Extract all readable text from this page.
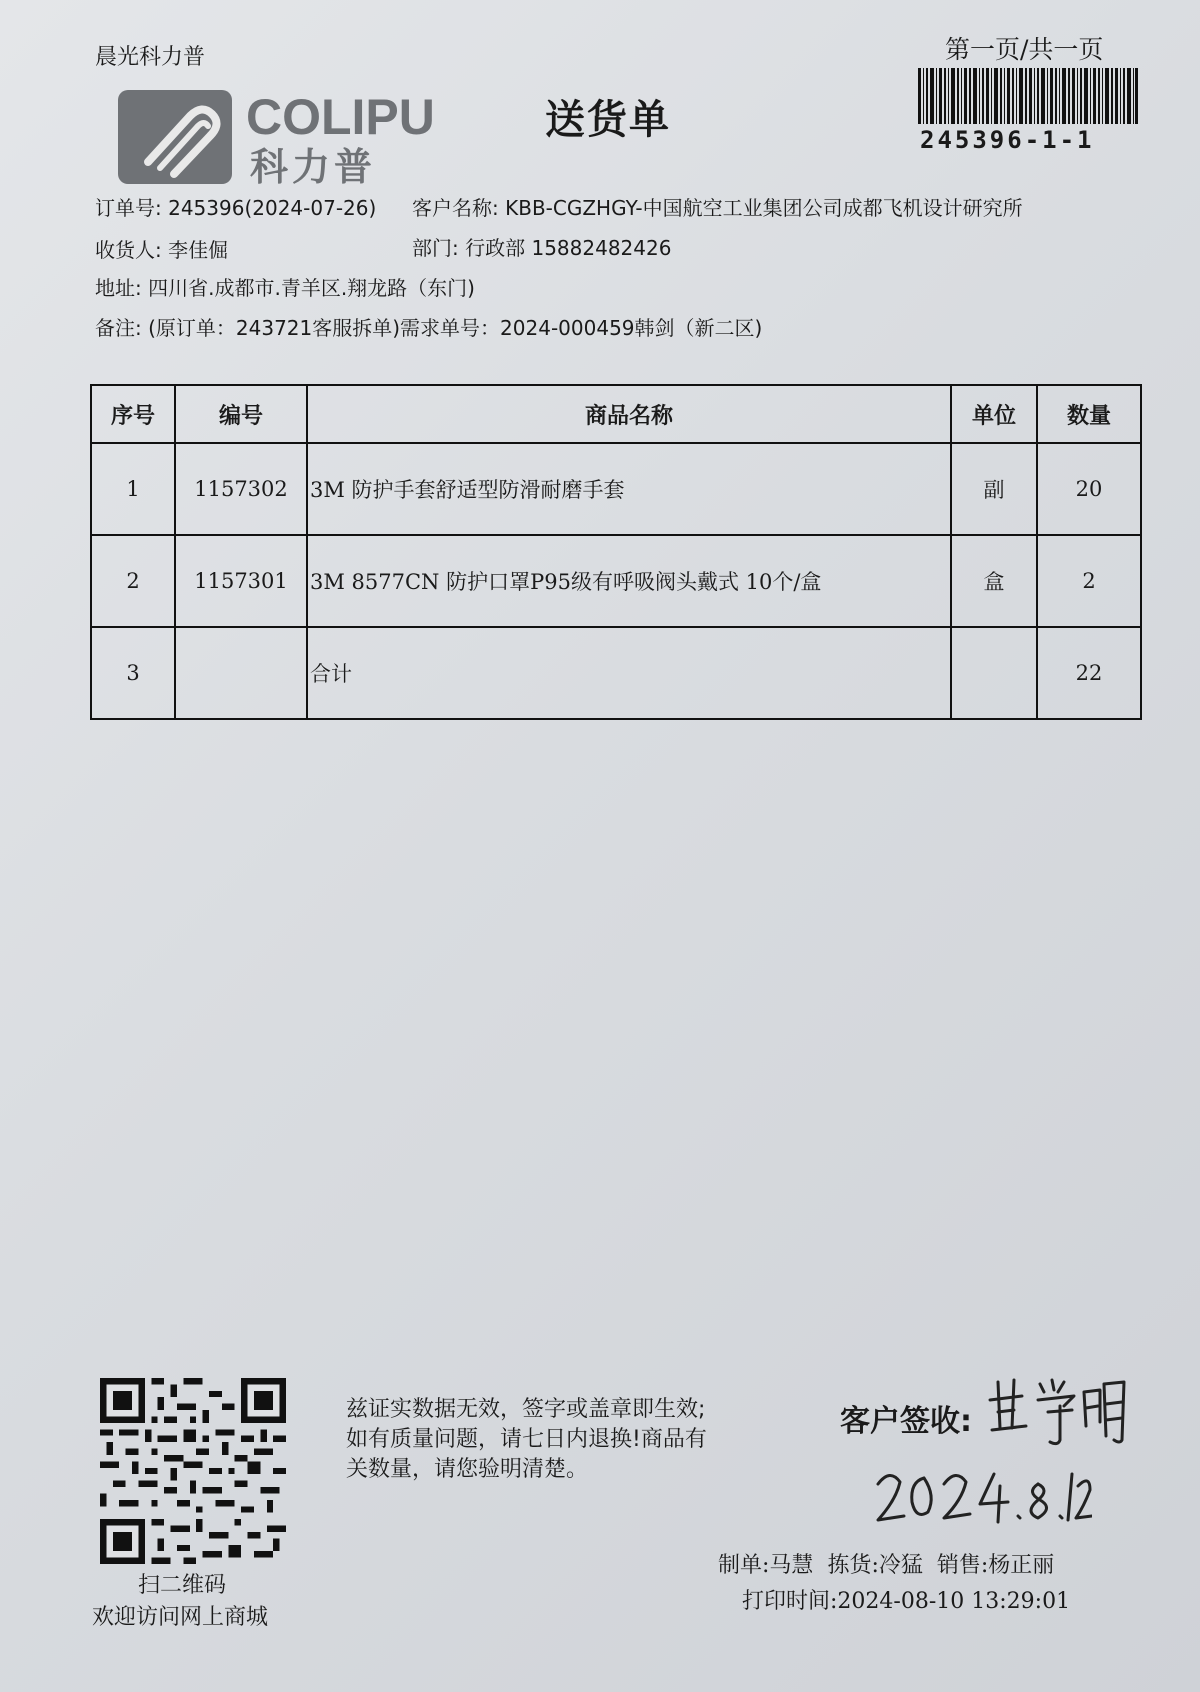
晨光科力普
COLIPU
科力普
送货单
第一页/共一页
245396-1-1
订单号: 245396(2024-07-26) 客户名称: KBB-CGZHGY-中国航空工业集团公司成都飞机设计研究所
收货人: 李佳倔	部门: 行政部 15882482426
地址: 四川省.成都市.青羊区.翔龙路（东门)
备注: (原订单：243721客服拆单)需求单号：2024-000459韩剑（新二区)
序号	编号	商品名称	单位	数量
1	1157302	3M 防护手套舒适型防滑耐磨手套	副	20
2	1157301	3M 8577CN 防护口罩P95级有呼吸阀头戴式 10个/盒	盒	2
3		合计		22
扫二维码
欢迎访问网上商城
兹证实数据无效，签字或盖章即生效;
如有质量问题，请七日内退换!商品有
关数量，请您验明清楚。
客户签收:
制单:马慧 拣货:冷猛 销售:杨正丽
打印时间:2024-08-10 13:29:01
